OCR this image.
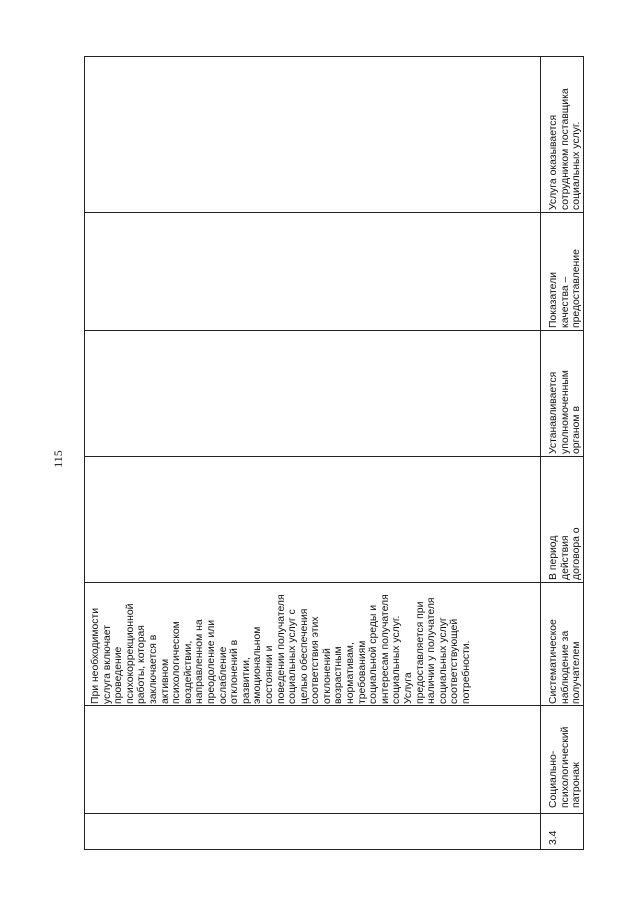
115
При необходимости
услуга включает
проведение
психокоррекционной
работы, которая
заключается в
активном
психологическом
воздействии,
направленном на
преодоление или
ослабление
отклонений в
развитии,
эмоциональном
состоянии и
поведении получателя
социальных услуг с
целью обеспечения
соответствия этих
отклонений
возрастным
нормативам,
требованиям
социальной среды и
интересам получателя
социальных услуг.
Услуга
предоставляется при
наличии у получателя
социальных услуг
соответствующей
потребности.
3.4
Социально-
психологический
патронаж
Систематическое
наблюдение за
получателем
В период
действия
договора о
Устанавливается
уполномоченным
органом в
Показатели
качества –
предоставление
Услуга оказывается
сотрудником поставщика
социальных услуг.
